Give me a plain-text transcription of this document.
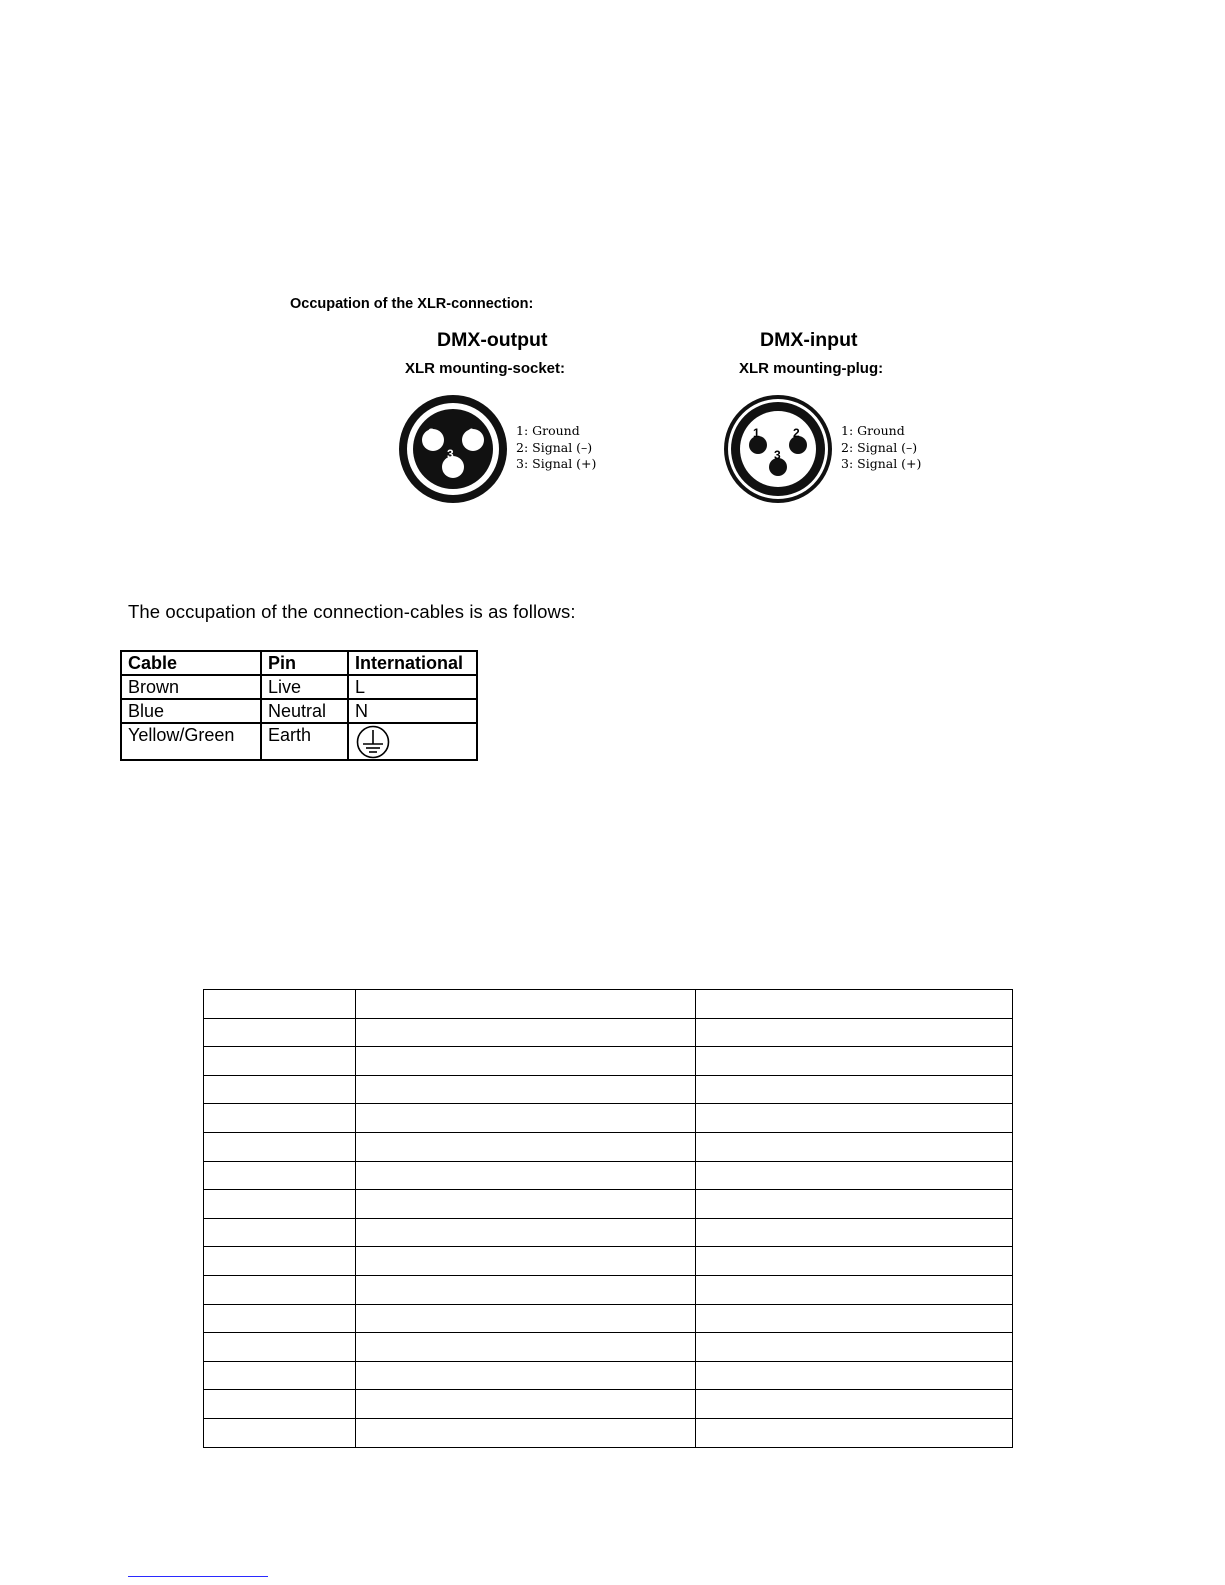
Occupation of the XLR-connection:
DMX-output
XLR mounting-socket:
DMX-input
XLR mounting-plug:
2	1
3
1: Ground
2: Signal (–)
3: Signal (+)
1	2
3
1: Ground
2: Signal (–)
3: Signal (+)
The occupation of the connection-cables is as follows:
Cable	Pin	International
Brown	Live	L
Blue	Neutral	N
Yellow/Green	Earth	
